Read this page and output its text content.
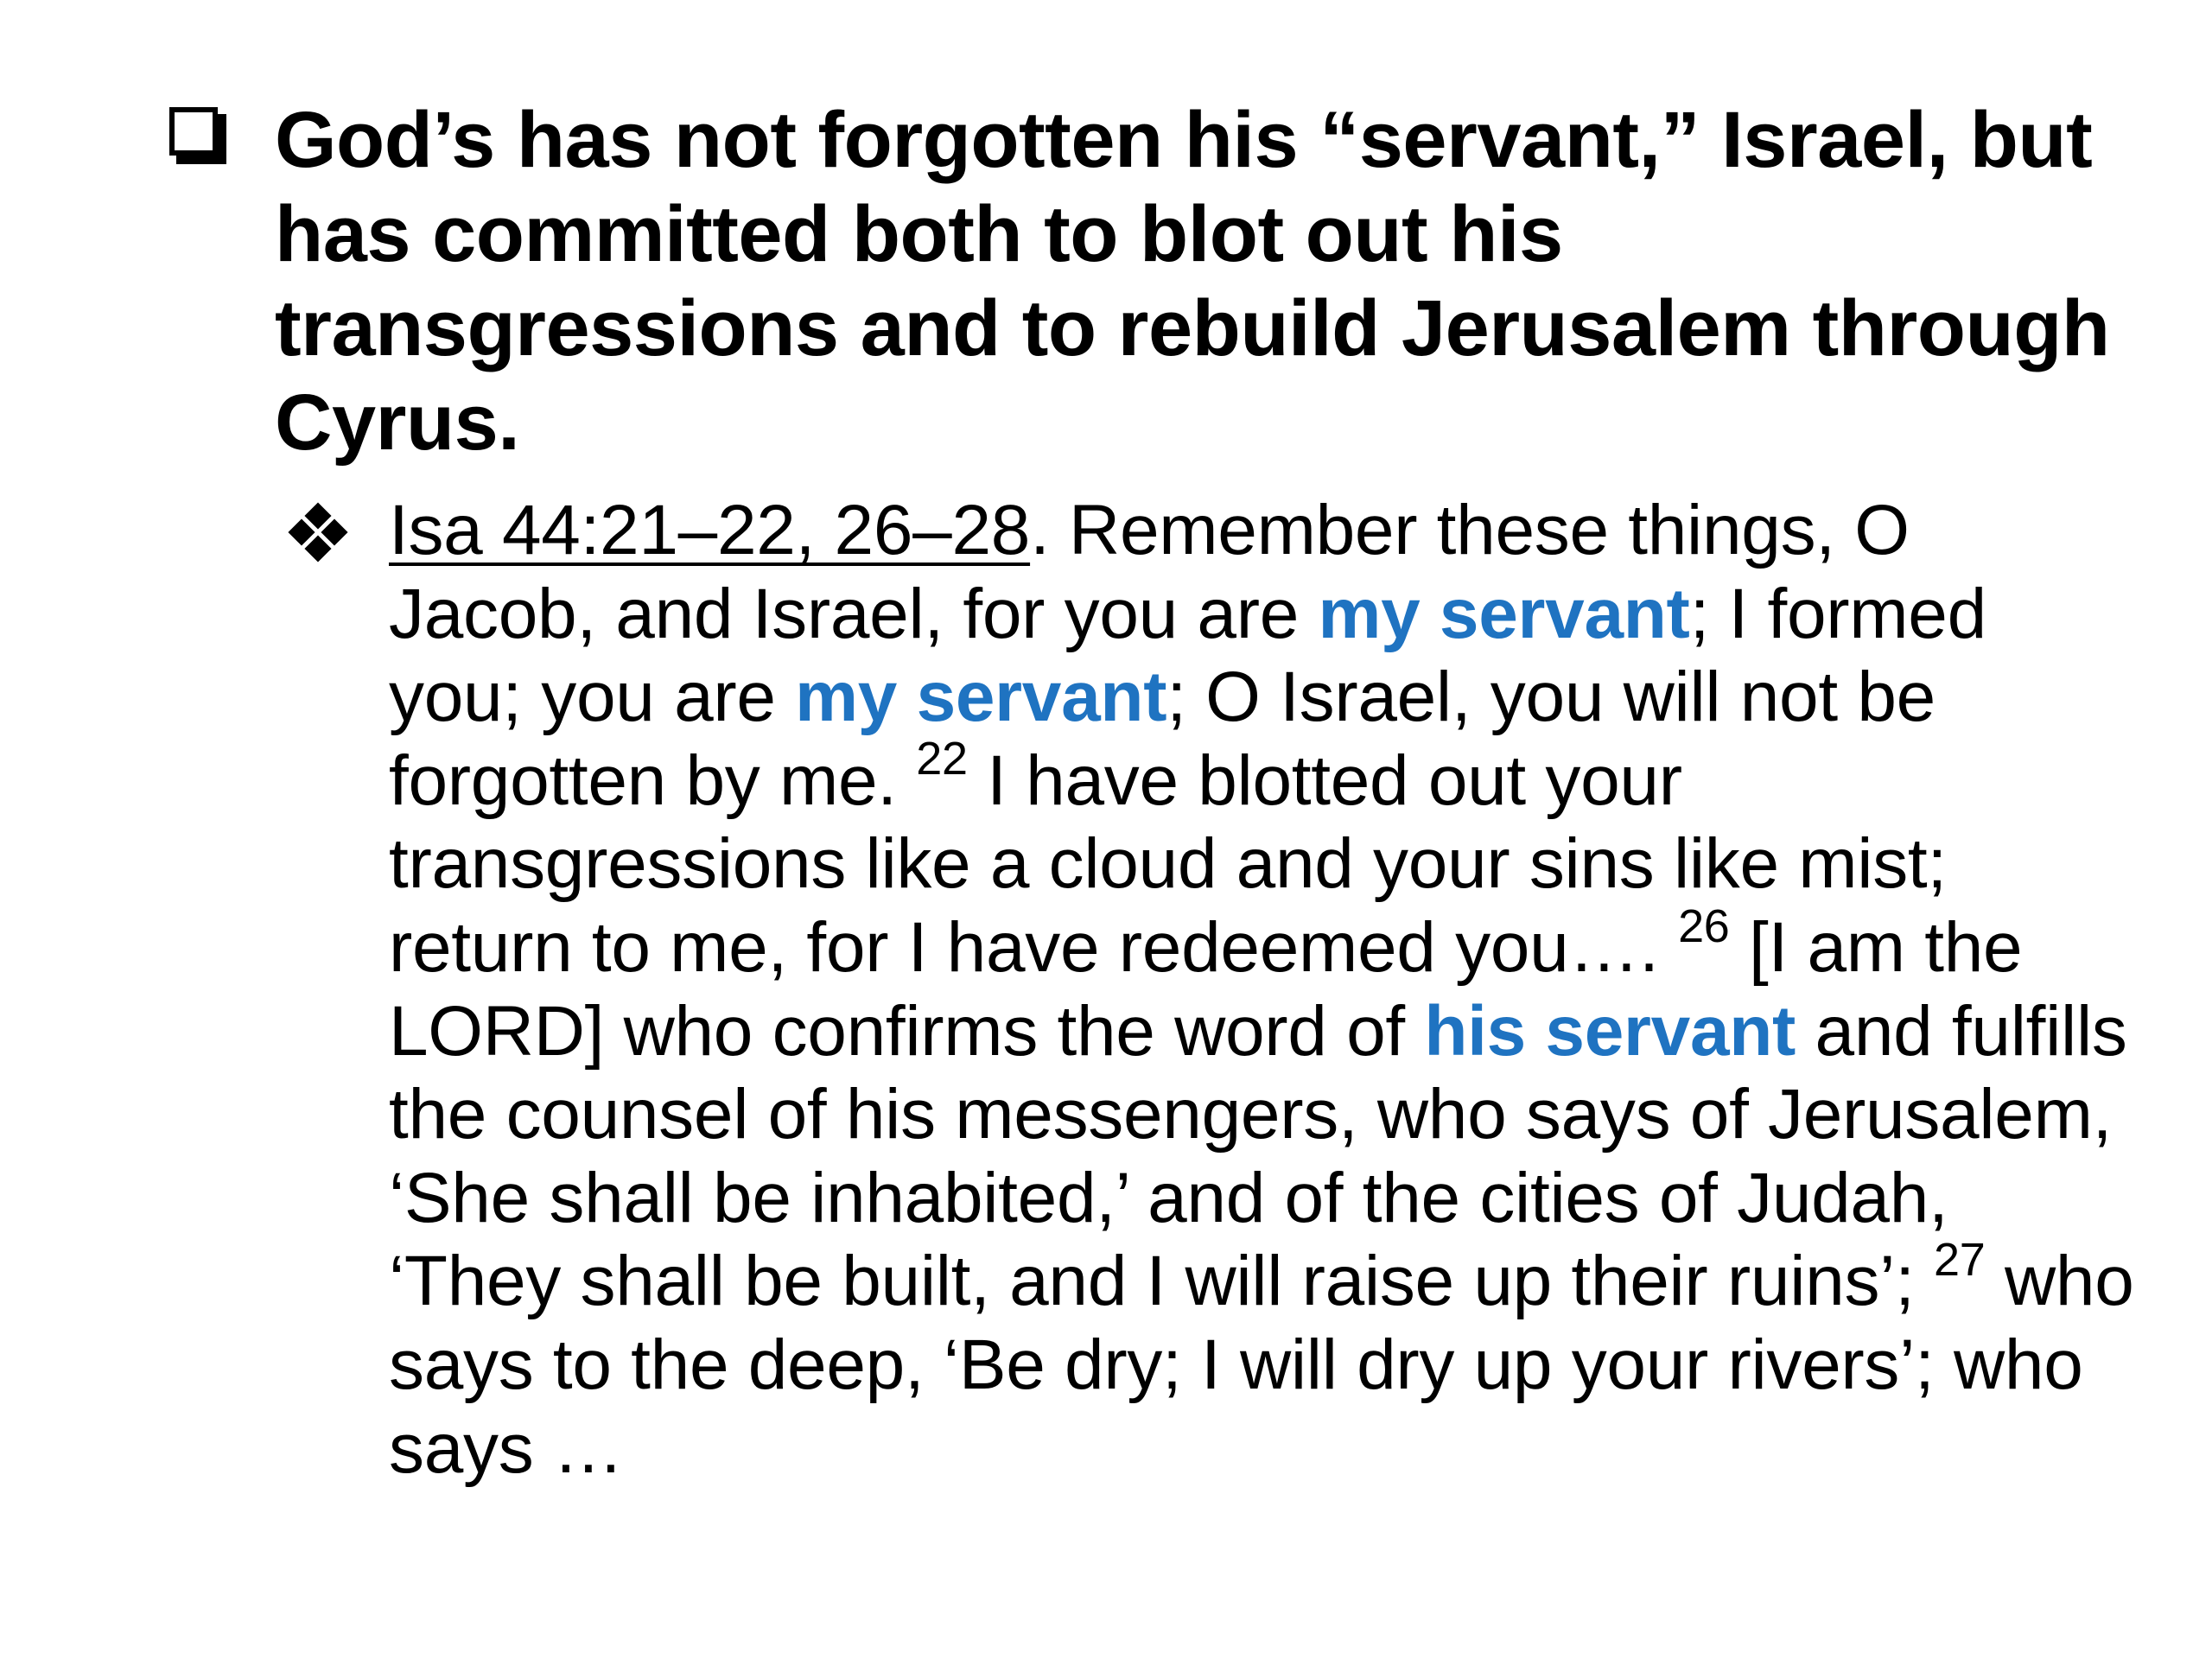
God’s has not forgotten his “servant,” Israel, but has committed both to blot out his transgressions and to rebuild Jerusalem through Cyrus.
Isa 44:21–22, 26–28. Remember these things, O Jacob, and Israel, for you are my servant; I formed you; you are my servant; O Israel, you will not be forgotten by me. $^{22}$ I have blotted out your transgressions like a cloud and your sins like mist; return to me, for I have redeemed you…. $^{26}$ [I am the LORD] who confirms the word of his servant and fulfills the counsel of his messengers, who says of Jerusalem, ‘She shall be inhabited,’ and of the cities of Judah, ‘They shall be built, and I will raise up their ruins’; $^{27}$ who says to the deep, ‘Be dry; I will dry up your rivers’; who says …
